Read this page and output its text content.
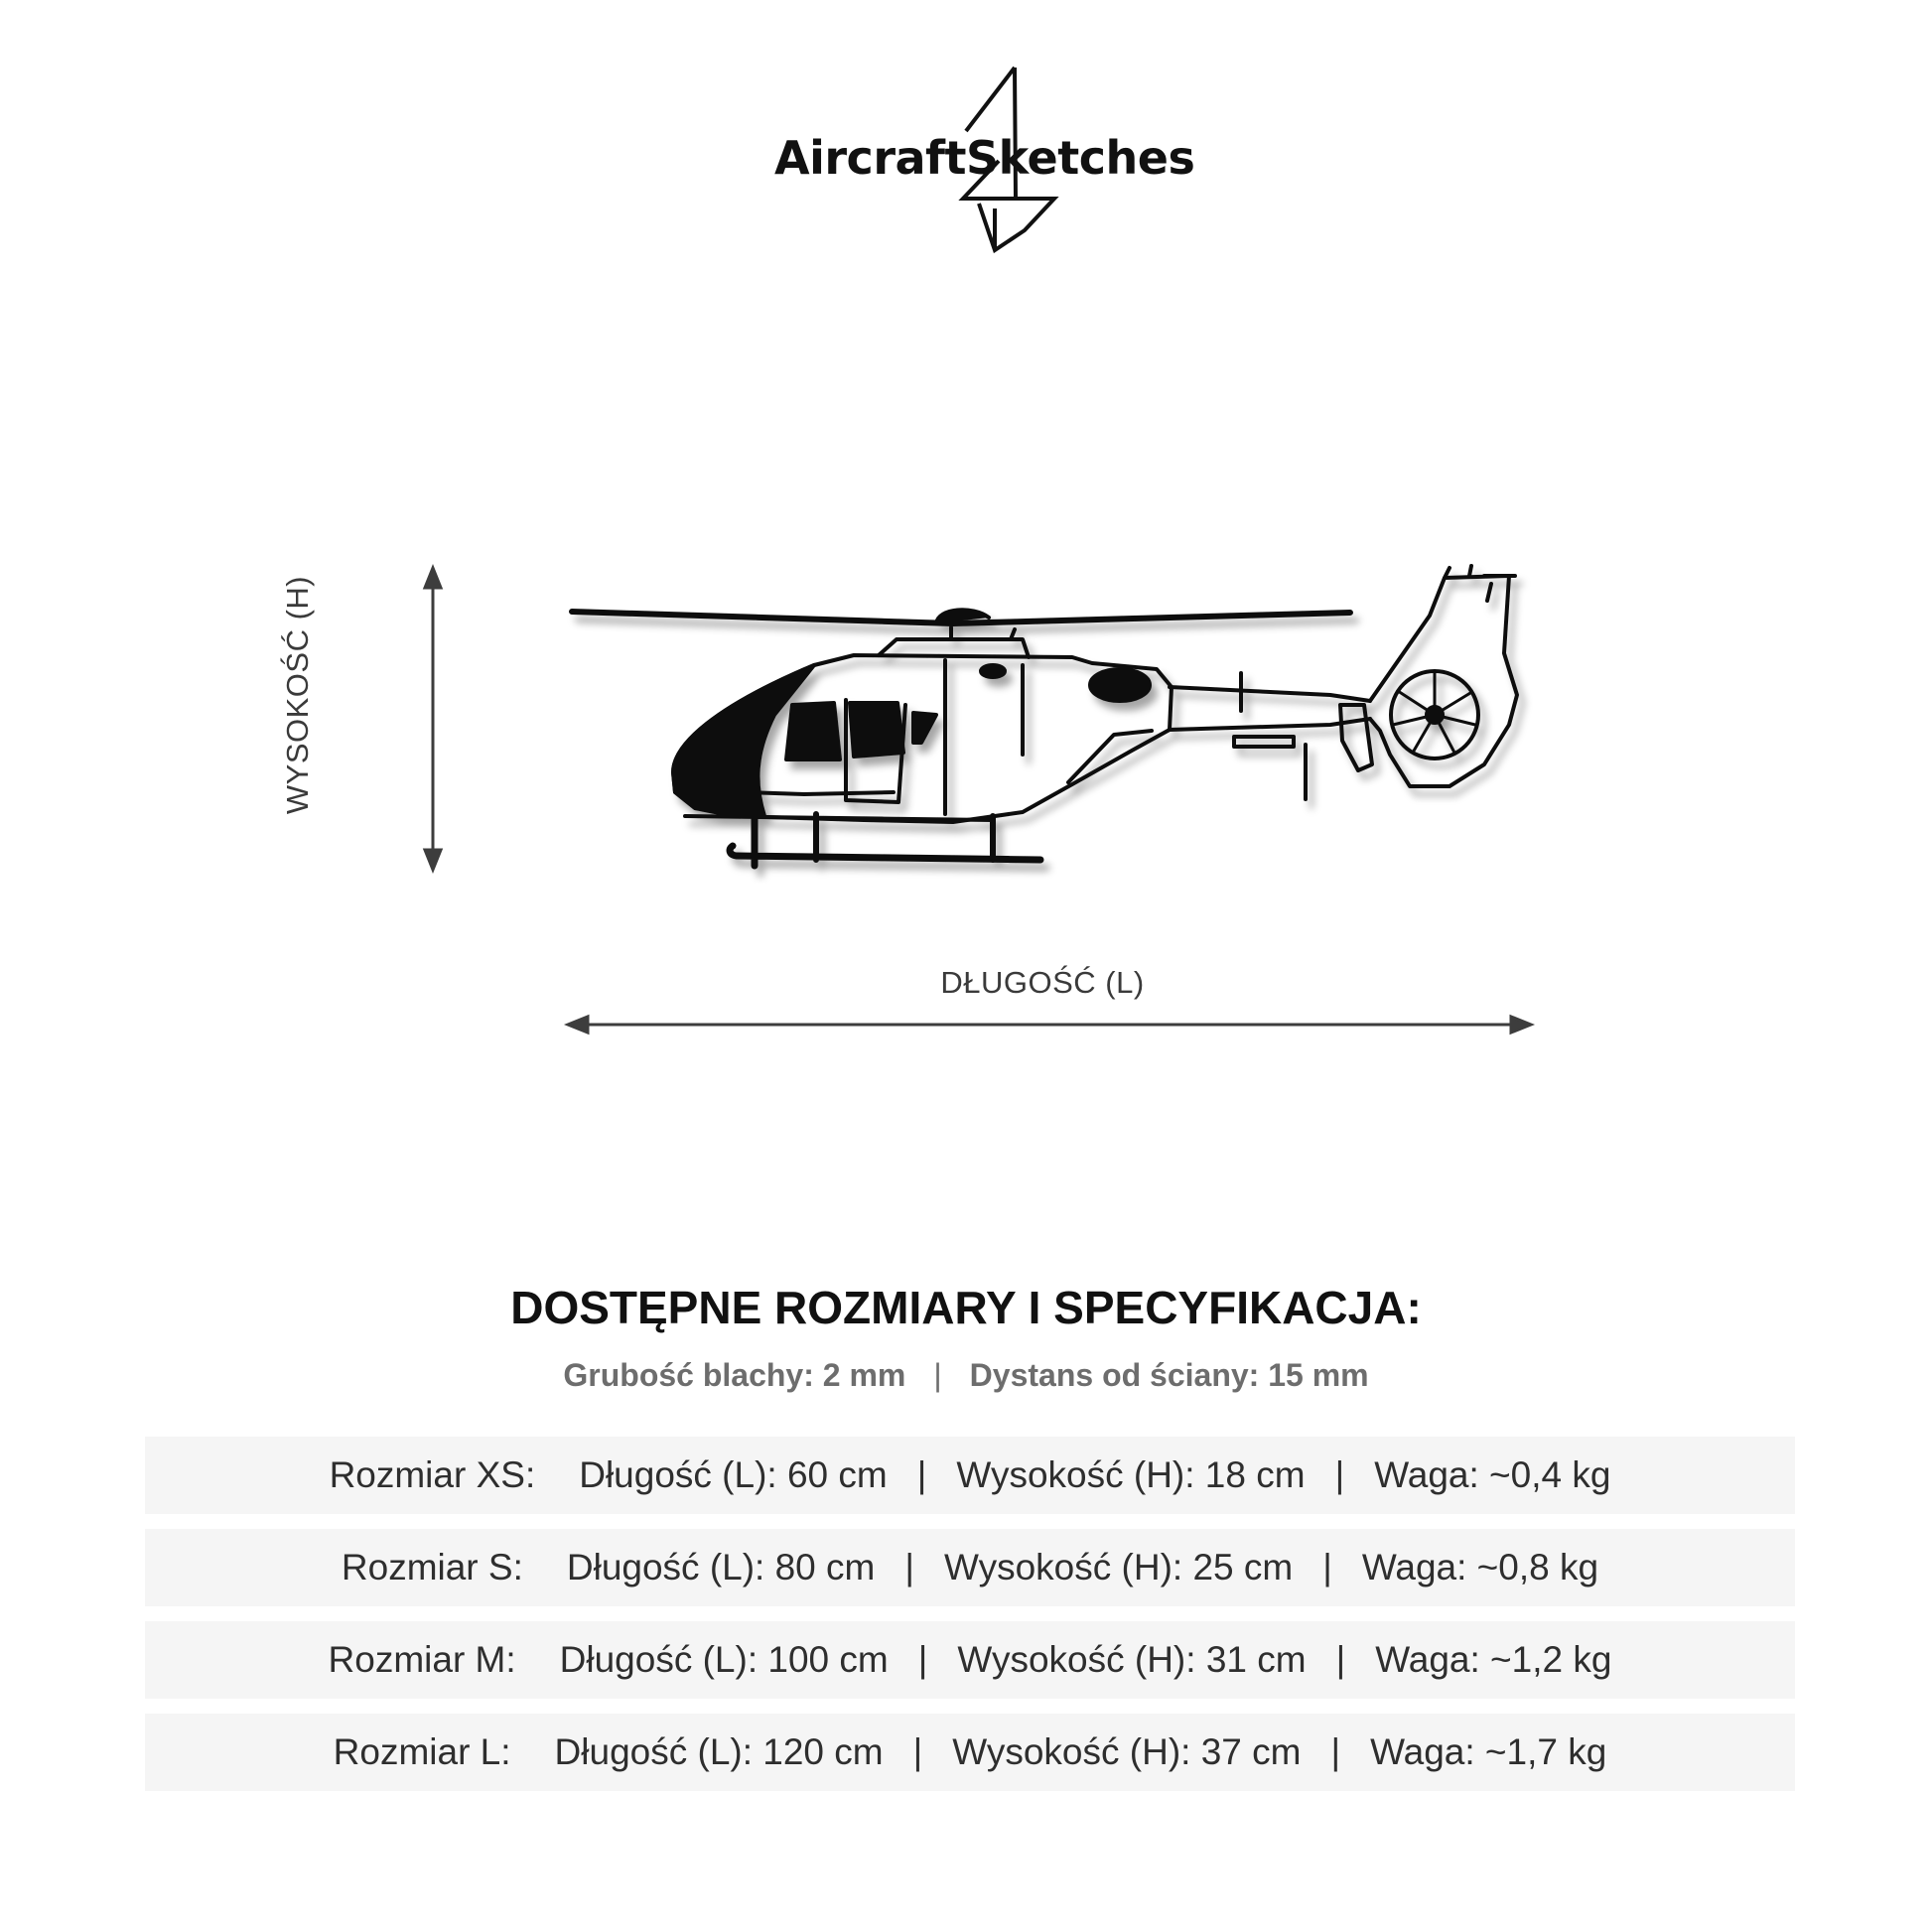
AircraftSketches
WYSOKOŚĆ (H)
DŁUGOŚĆ (L)
DOSTĘPNE ROZMIARY I SPECYFIKACJA:
Grubość blachy: 2 mm | Dystans od ściany: 15 mm
Rozmiar XS: Długość (L): 60 cm | Wysokość (H): 18 cm | Waga: ~0,4 kg
Rozmiar S: Długość (L): 80 cm | Wysokość (H): 25 cm | Waga: ~0,8 kg
Rozmiar M: Długość (L): 100 cm | Wysokość (H): 31 cm | Waga: ~1,2 kg
Rozmiar L: Długość (L): 120 cm | Wysokość (H): 37 cm | Waga: ~1,7 kg
